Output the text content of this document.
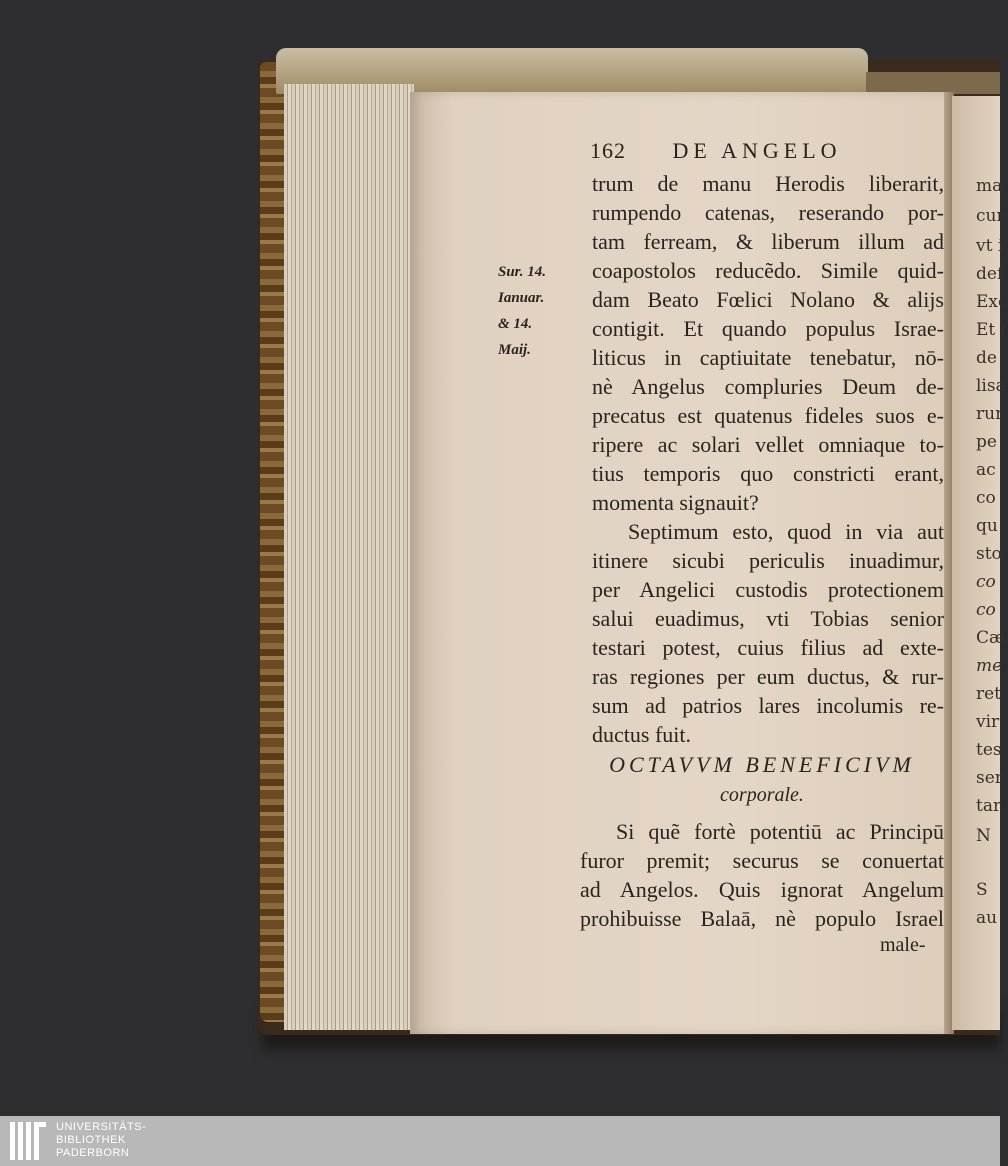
ma
cur
vt i
def
Exc
Et f
de
lisa
rur
pe
ac
co
qu
sto
co
co
Cæ
me
ret
vir
tes
ser
tar
N
S
au
162 DE ANGELO
Sur. 14.
Ianuar.
& 14.
Maij.
trum de manu Herodis liberarit,
rumpendo catenas, reserando por-
tam ferream, & liberum illum ad
coapostolos reducẽdo. Simile quid-
dam Beato Fœlici Nolano & alijs
contigit. Et quando populus Israe-
liticus in captiuitate tenebatur, nō-
nè Angelus compluries Deum de-
precatus est quatenus fideles suos e-
ripere ac solari vellet omniaque to-
tius temporis quo constricti erant,
momenta signauit?
Septimum esto, quod in via aut
itinere sicubi periculis inuadimur,
per Angelici custodis protectionem
salui euadimus, vti Tobias senior
testari potest, cuius filius ad exte-
ras regiones per eum ductus, & rur-
sum ad patrios lares incolumis re-
ductus fuit.
OCTAVVM BENEFICIVM
corporale.
Si quẽ fortè potentiū ac Principū
furor premit; securus se conuertat
ad Angelos. Quis ignorat Angelum
prohibuisse Balaā, nè populo Israel
male-
UNIVERSITÄTS-
BIBLIOTHEK
PADERBORN
